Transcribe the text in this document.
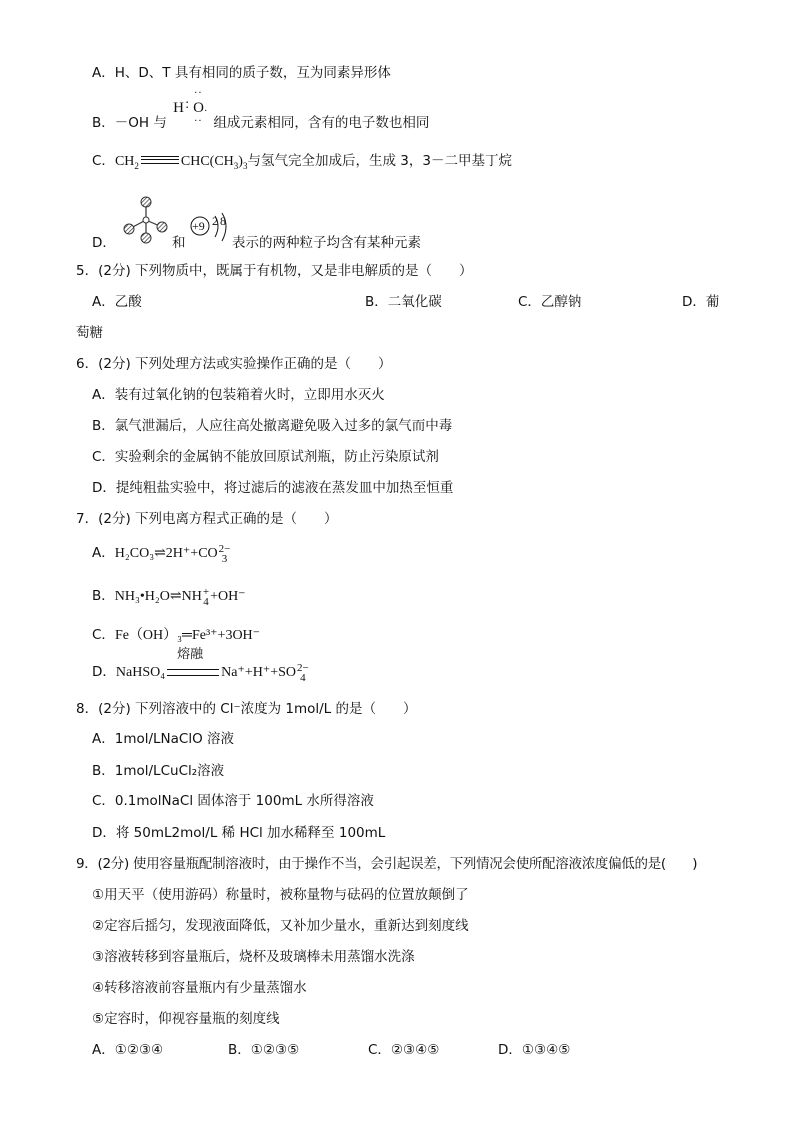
A．H、D、T 具有相同的质子数，互为同素异形体
B．－OH 与
H : O
··
··
·
组成元素相同，含有的电子数也相同
C．$CH_2$	$CHC(CH_3)_3$与氢气完全加成后，生成 3，3－二甲基丁烷
D．	和
+9 2 8
表示的两种粒子均含有某种元素
5．(2分) 下列物质中，既属于有机物，又是非电解质的是（　　）
A．乙酸	B．二氧化碳	C．乙醇钠	D．葡
萄糖
6．(2分) 下列处理方法或实验操作正确的是（　　）
A．装有过氧化钠的包装箱着火时，立即用水灭火
B．氯气泄漏后，人应往高处撤离避免吸入过多的氯气而中毒
C．实验剩余的金属钠不能放回原试剂瓶，防止污染原试剂
D．提纯粗盐实验中，将过滤后的滤液在蒸发皿中加热至恒重
7．(2分) 下列电离方程式正确的是（　　）
A．H₂CO₃⇌2H⁺+CO 2−
3
B．NH₃•H₂O⇌NH +
4 +OH⁻
C．Fe（OH）₃═Fe³⁺+3OH⁻
D．NaHSO₄
熔融
Na⁺+H⁺+SO 2−
4
8．(2分) 下列溶液中的 Cl⁻浓度为 1mol/L 的是（　　）
A．1mol/LNaClO 溶液
B．1mol/LCuCl₂溶液
C．0.1molNaCl 固体溶于 100mL 水所得溶液
D．将 50mL2mol/L 稀 HCl 加水稀释至 100mL
9．(2分) 使用容量瓶配制溶液时，由于操作不当，会引起误差，下列情况会使所配溶液浓度偏低的是(　　)
①用天平（使用游码）称量时，被称量物与砝码的位置放颠倒了
②定容后摇匀，发现液面降低，又补加少量水，重新达到刻度线
③溶液转移到容量瓶后，烧杯及玻璃棒未用蒸馏水洗涤
④转移溶液前容量瓶内有少量蒸馏水
⑤定容时，仰视容量瓶的刻度线
A．①②③④	B．①②③⑤	C．②③④⑤	D．①③④⑤
